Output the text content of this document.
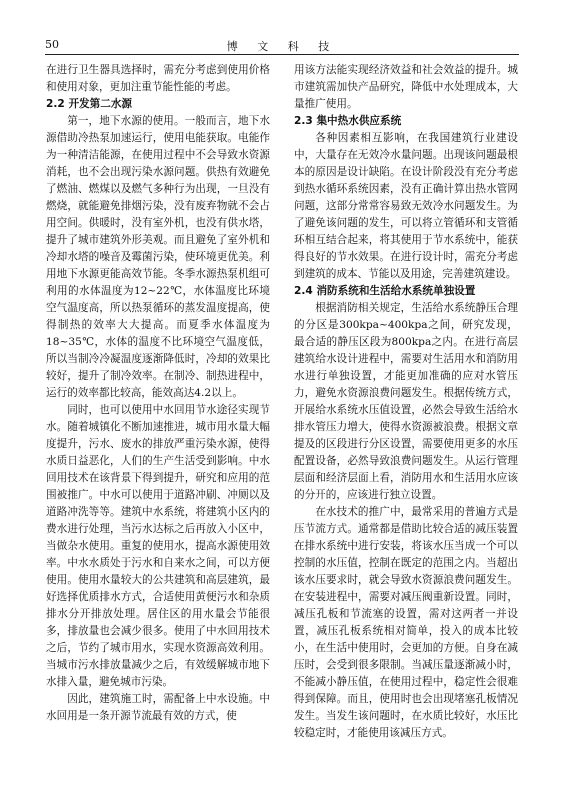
50	博 文 科 技

在进行卫生器具选择时，需充分考虑到使用价格和使用对象，更加注重节能性能的考虑。

2.2 开发第二水源

第一，地下水源的使用。一般而言，地下水源借助冷热泵加速运行，使用电能获取。电能作为一种清洁能源，在使用过程中不会导致水资源消耗，也不会出现污染水源问题。供热有效避免了燃油、燃煤以及燃气多种行为出现，一旦没有燃烧，就能避免排烟污染，没有废弃物就不会占用空间。供暖时，没有室外机，也没有供水塔，提升了城市建筑外形美观。而且避免了室外机和冷却水塔的噪音及霉菌污染，使环境更优美。利用地下水源更能高效节能。冬季水源热泵机组可利用的水体温度为12~22℃，水体温度比环境空气温度高，所以热泵循环的蒸发温度提高，使得制热的效率大大提高。而夏季水体温度为18~35℃，水体的温度不比环境空气温度低，所以当制冷冷凝温度逐渐降低时，冷却的效果比较好，提升了制冷效率。在制冷、制热进程中，运行的效率都比较高，能效高达4.2以上。

同时，也可以使用中水回用节水途径实现节水。随着城镇化不断加速推进，城市用水量大幅度提升，污水、废水的排放严重污染水源，使得水质日益恶化，人们的生产生活受到影响。中水回用技术在该背景下得到提升，研究和应用的范围被推广。中水可以使用于道路冲刷、冲厕以及道路冲洗等等。建筑中水系统，将建筑小区内的费水进行处理，当污水达标之后再放入小区中，当做杂水使用。重复的使用水，提高水源使用效率。中水水质处于污水和自来水之间，可以方便使用。使用水量较大的公共建筑和高层建筑，最好选择优质排水方式，合适使用黄便污水和杂质排水分开排放处理。居住区的用水量会节能很多，排放量也会减少很多。使用了中水回用技术之后，节约了城市用水，实现水资源高效利用。当城市污水排放量减少之后，有效缓解城市地下水排入量，避免城市污染。

因此，建筑施工时，需配备上中水设施。中水回用是一条开源节流最有效的方式，使

用该方法能实现经济效益和社会效益的提升。城市建筑需加快产品研究，降低中水处理成本，大量推广使用。

2.3 集中热水供应系统

各种因素相互影响，在我国建筑行业建设中，大量存在无效冷水量问题。出现该问题最根本的原因是设计缺陷。在设计阶段没有充分考虑到热水循环系统因素，没有正确计算出热水管网问题，这部分常常容易致无效冷水问题发生。为了避免该问题的发生，可以将立管循环和支管循环相互结合起来，将其使用于节水系统中，能获得良好的节水效果。在进行设计时，需充分考虑到建筑的成本、节能以及用途，完善建筑建设。

2.4 消防系统和生活给水系统单独设置

根据消防相关规定，生活给水系统静压合理的分区是300kpa~400kpa之间，研究发现，最合适的静压区段为800kpa之内。在进行高层建筑给水设计进程中，需要对生活用水和消防用水进行单独设置，才能更加准确的应对水管压力，避免水资源浪费问题发生。根据传统方式，开展给水系统水压值设置，必然会导致生活给水排水管压力增大，使得水资源被浪费。根据文章提及的区段进行分区设置，需要使用更多的水压配置设备，必然导致浪费问题发生。从运行管理层面和经济层面上看，消防用水和生活用水应该的分开的，应该进行独立设置。

在水技术的推广中，最常采用的普遍方式是压节流方式。通常都是借助比较合适的减压装置在排水系统中进行安装，将该水压当成一个可以控制的水压值，控制在既定的范围之内。当超出该水压要求时，就会导致水资源浪费问题发生。在安装进程中，需要对减压阀重新设置。同时，减压孔板和节流塞的设置，需对这两者一并设置，减压孔板系统相对简单，投入的成本比较小，在生活中使用时，会更加的方便。自身在减压时，会受到很多限制。当减压量逐渐减小时，不能减小静压值，在使用过程中，稳定性会很难得到保障。而且，使用时也会出现堵塞孔板情况发生。当发生该问题时，在水质比较好，水压比较稳定时，才能使用该减压方式。
